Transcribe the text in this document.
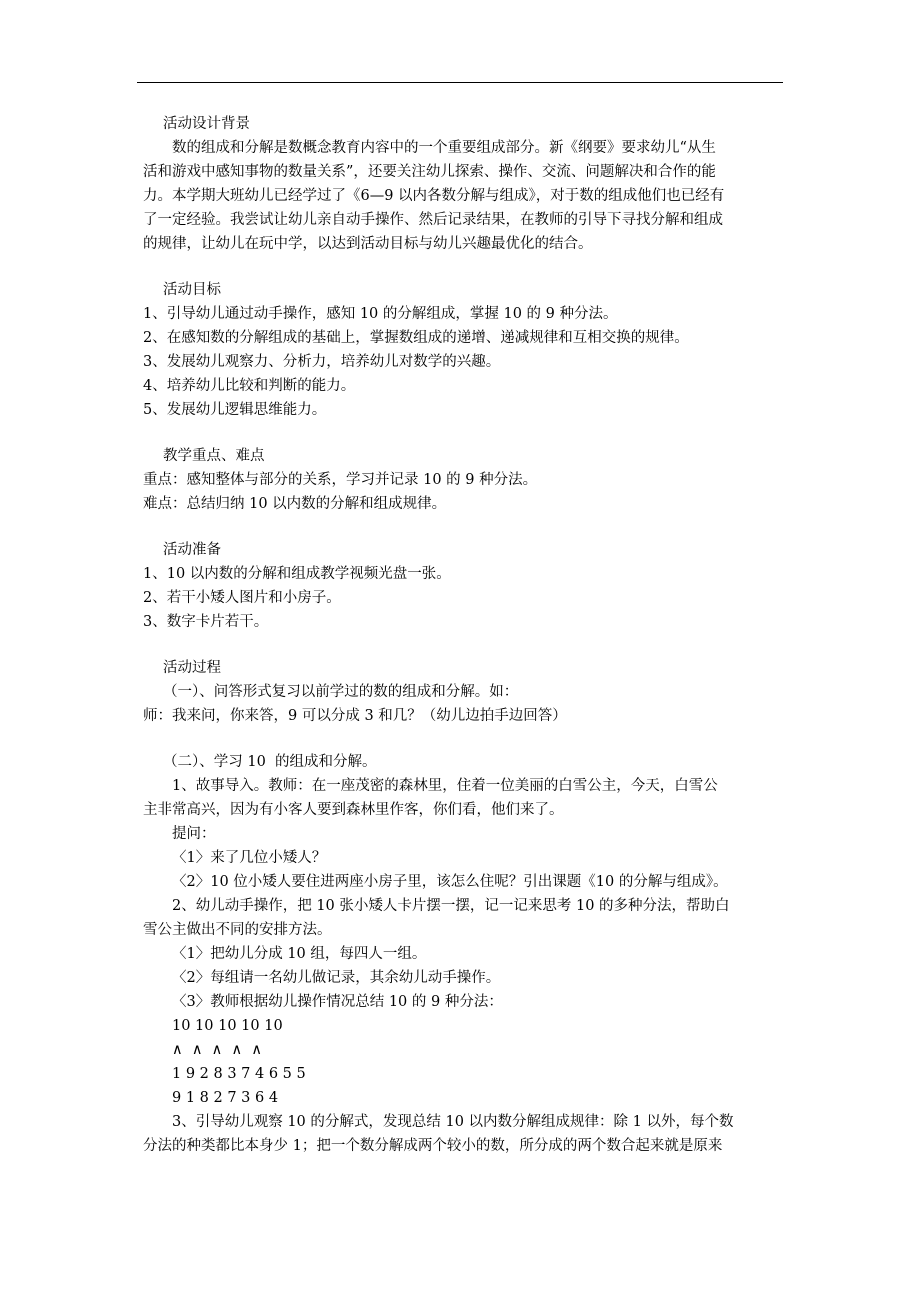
活动设计背景

数的组成和分解是数概念教育内容中的一个重要组成部分。新《纲要》要求幼儿“从生

活和游戏中感知事物的数量关系”，还要关注幼儿探索、操作、交流、问题解决和合作的能

力。本学期大班幼儿已经学过了《6—9 以内各数分解与组成》，对于数的组成他们也已经有

了一定经验。我尝试让幼儿亲自动手操作、然后记录结果，在教师的引导下寻找分解和组成

的规律，让幼儿在玩中学，以达到活动目标与幼儿兴趣最优化的结合。

活动目标

1、引导幼儿通过动手操作，感知 10 的分解组成，掌握 10 的 9 种分法。

2、在感知数的分解组成的基础上，掌握数组成的递增、递减规律和互相交换的规律。

3、发展幼儿观察力、分析力，培养幼儿对数学的兴趣。

4、培养幼儿比较和判断的能力。

5、发展幼儿逻辑思维能力。

教学重点、难点

重点：感知整体与部分的关系，学习并记录 10 的 9 种分法。

难点：总结归纳 10 以内数的分解和组成规律。

活动准备

1、10 以内数的分解和组成教学视频光盘一张。

2、若干小矮人图片和小房子。

3、数字卡片若干。

活动过程

（一）、问答形式复习以前学过的数的组成和分解。如：

师：我来问，你来答，9 可以分成 3 和几？（幼儿边拍手边回答）

（二）、学习 10  的组成和分解。

1、故事导入。教师：在一座茂密的森林里，住着一位美丽的白雪公主，今天，白雪公

主非常高兴，因为有小客人要到森林里作客，你们看，他们来了。

提问：

〈1〉来了几位小矮人？

〈2〉10 位小矮人要住进两座小房子里，该怎么住呢？引出课题《10 的分解与组成》。

2、幼儿动手操作，把 10 张小矮人卡片摆一摆，记一记来思考 10 的多种分法，帮助白

雪公主做出不同的安排方法。

〈1〉把幼儿分成 10 组，每四人一组。

〈2〉每组请一名幼儿做记录，其余幼儿动手操作。

〈3〉教师根据幼儿操作情况总结 10 的 9 种分法：

10 10 10 10 10

∧  ∧  ∧  ∧  ∧

1 9 2 8 3 7 4 6 5 5

9 1 8 2 7 3 6 4

3、引导幼儿观察 10 的分解式，发现总结 10 以内数分解组成规律：除 1 以外，每个数

分法的种类都比本身少 1；把一个数分解成两个较小的数，所分成的两个数合起来就是原来
